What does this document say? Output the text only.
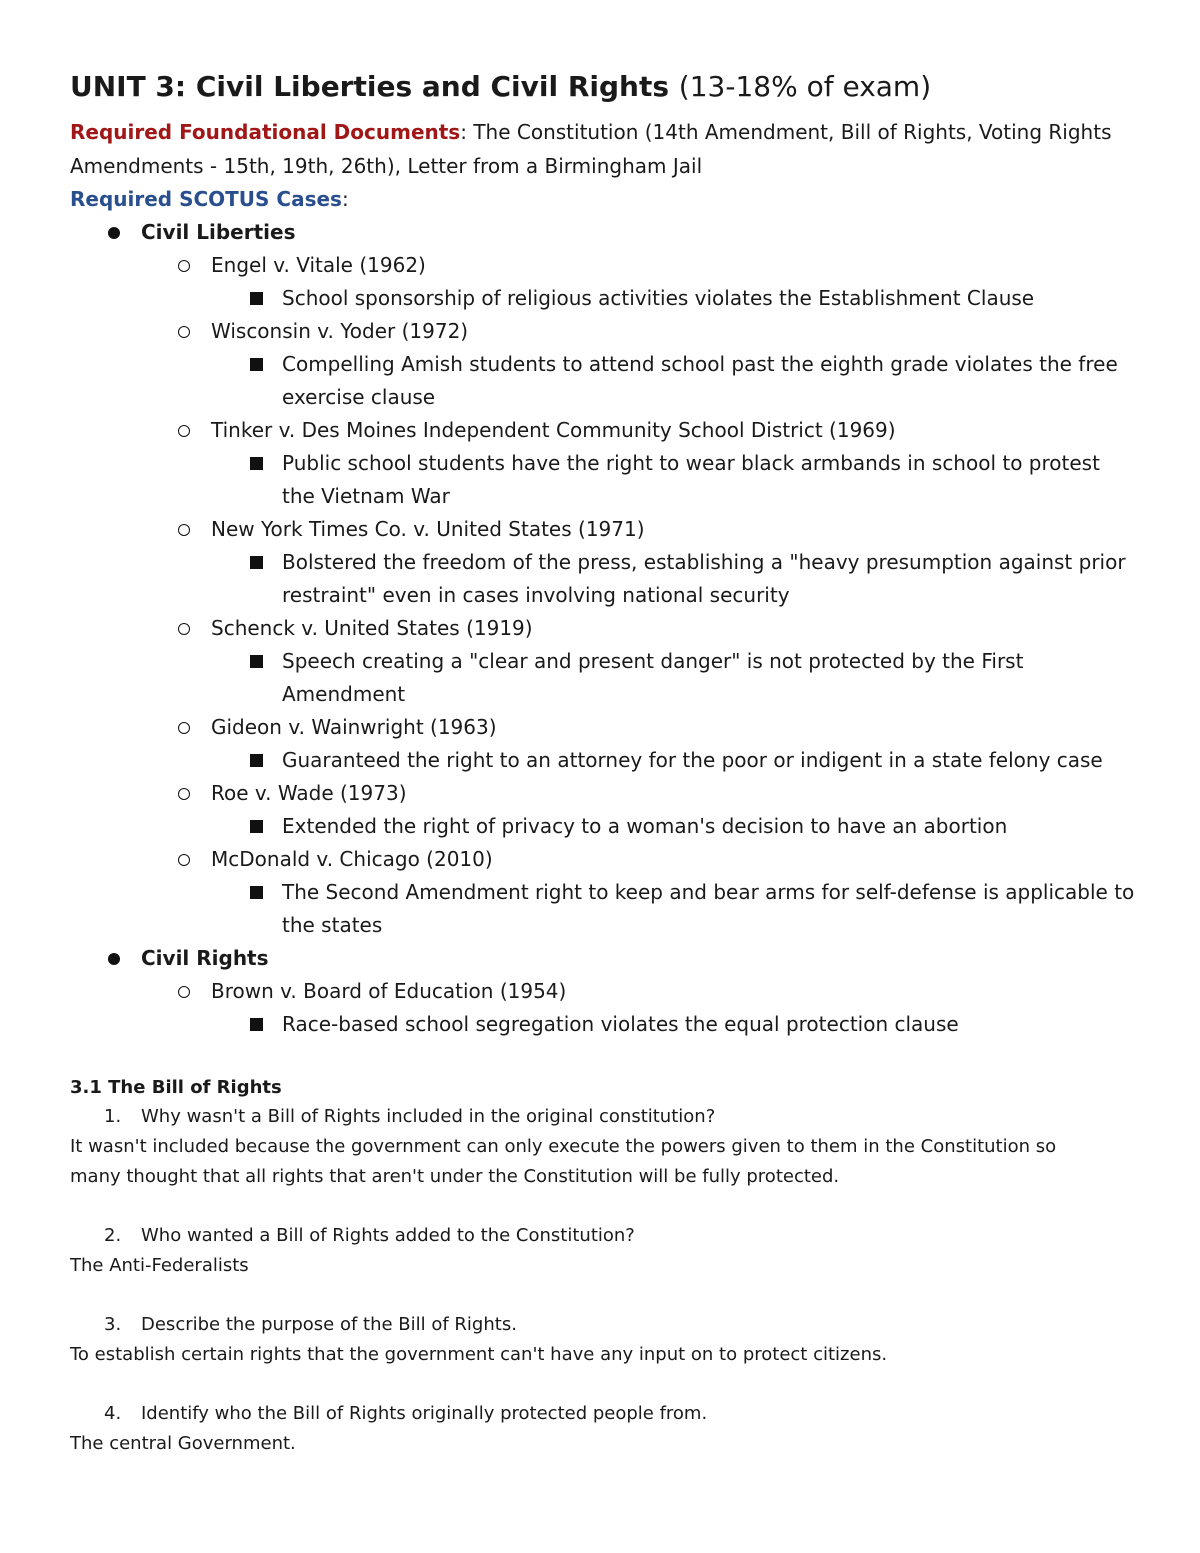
UNIT 3: Civil Liberties and Civil Rights (13-18% of exam)
Required Foundational Documents: The Constitution (14th Amendment, Bill of Rights, Voting Rights
Amendments - 15th, 19th, 26th), Letter from a Birmingham Jail
Required SCOTUS Cases:
Civil Liberties
Engel v. Vitale (1962)
School sponsorship of religious activities violates the Establishment Clause
Wisconsin v. Yoder (1972)
Compelling Amish students to attend school past the eighth grade violates the free
exercise clause
Tinker v. Des Moines Independent Community School District (1969)
Public school students have the right to wear black armbands in school to protest
the Vietnam War
New York Times Co. v. United States (1971)
Bolstered the freedom of the press, establishing a "heavy presumption against prior
restraint" even in cases involving national security
Schenck v. United States (1919)
Speech creating a "clear and present danger" is not protected by the First
Amendment
Gideon v. Wainwright (1963)
Guaranteed the right to an attorney for the poor or indigent in a state felony case
Roe v. Wade (1973)
Extended the right of privacy to a woman's decision to have an abortion
McDonald v. Chicago (2010)
The Second Amendment right to keep and bear arms for self-defense is applicable to
the states
Civil Rights
Brown v. Board of Education (1954)
Race-based school segregation violates the equal protection clause
3.1 The Bill of Rights
1. Why wasn't a Bill of Rights included in the original constitution?
It wasn't included because the government can only execute the powers given to them in the Constitution so
many thought that all rights that aren't under the Constitution will be fully protected.
2. Who wanted a Bill of Rights added to the Constitution?
The Anti-Federalists
3. Describe the purpose of the Bill of Rights.
To establish certain rights that the government can't have any input on to protect citizens.
4. Identify who the Bill of Rights originally protected people from.
The central Government.
